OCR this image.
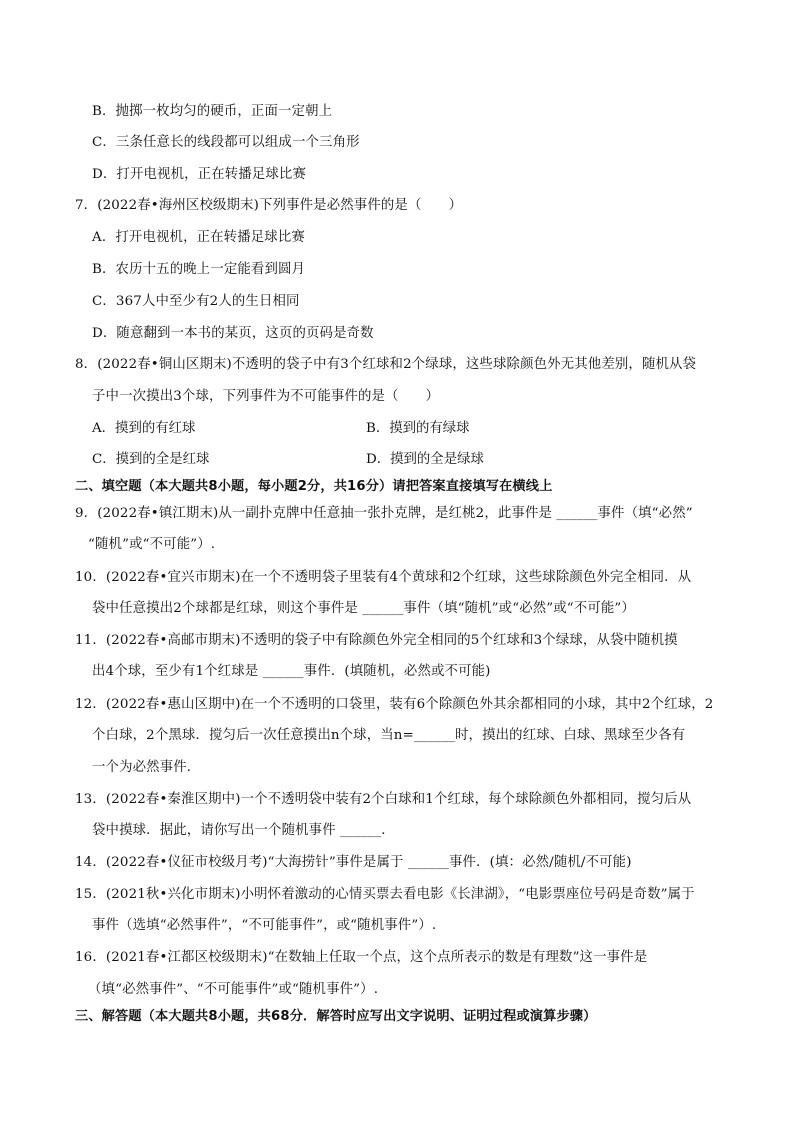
B．抛掷一枚均匀的硬币，正面一定朝上
C．三条任意长的线段都可以组成一个三角形
D．打开电视机，正在转播足球比赛
7．(2022春•海州区校级期末)下列事件是必然事件的是（　　）
A．打开电视机，正在转播足球比赛
B．农历十五的晚上一定能看到圆月
C．367人中至少有2人的生日相同
D．随意翻到一本书的某页，这页的页码是奇数
8．(2022春•铜山区期末)不透明的袋子中有3个红球和2个绿球，这些球除颜色外无其他差别，随机从袋
子中一次摸出3个球，下列事件为不可能事件的是（　　）
A．摸到的有红球	B．摸到的有绿球
C．摸到的全是红球	D．摸到的全是绿球
二、填空题（本大题共8小题，每小题2分，共16分）请把答案直接填写在横线上
9．(2022春•镇江期末)从一副扑克牌中任意抽一张扑克牌，是红桃2，此事件是 ______事件（填“必然”
“随机”或“不可能”）.
10．(2022春•宜兴市期末)在一个不透明袋子里装有4个黄球和2个红球，这些球除颜色外完全相同．从
袋中任意摸出2个球都是红球，则这个事件是 ______事件（填“随机”或“必然”或“不可能”）
11．(2022春•高邮市期末)不透明的袋子中有除颜色外完全相同的5个红球和3个绿球，从袋中随机摸
出4个球，至少有1个红球是 ______事件．(填随机，必然或不可能)
12．(2022春•惠山区期中)在一个不透明的口袋里，装有6个除颜色外其余都相同的小球，其中2个红球，2
个白球，2个黑球．搅匀后一次任意摸出n个球，当n=______时，摸出的红球、白球、黑球至少各有
一个为必然事件．
13．(2022春•秦淮区期中)一个不透明袋中装有2个白球和1个红球，每个球除颜色外都相同，搅匀后从
袋中摸球．据此，请你写出一个随机事件 ______．
14．(2022春•仪征市校级月考)“大海捞针”事件是属于 ______事件．(填：必然/随机/不可能)
15．(2021秋•兴化市期末)小明怀着激动的心情买票去看电影《长津湖》，“电影票座位号码是奇数”属于
事件（选填“必然事件”，“不可能事件”，或“随机事件”）.
16．(2021春•江都区校级期末)“在数轴上任取一个点，这个点所表示的数是有理数”这一事件是
（填“必然事件”、“不可能事件”或“随机事件”）.
三、解答题（本大题共8小题，共68分．解答时应写出文字说明、证明过程或演算步骤）
